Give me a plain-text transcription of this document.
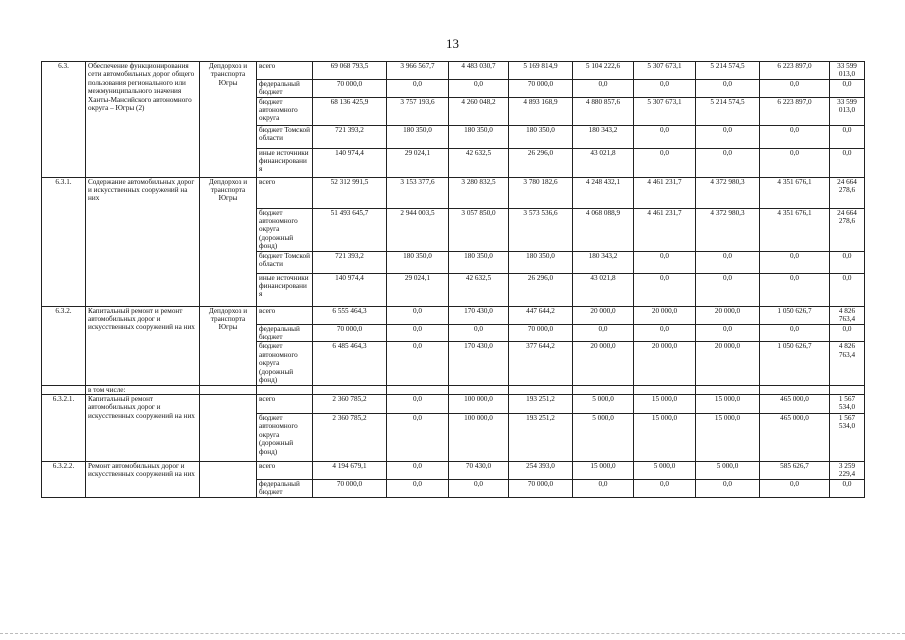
13
6.3.	Обеспечение функционирования сети автомобильных дорог общего пользования регионального или межмуниципального значения Ханты-Мансийского автономного округа – Югры (2)	Депдорхоз и транспорта Югры	всего	69 068 793,5	3 966 567,7	4 483 030,7	5 169 814,9	5 104 222,6	5 307 673,1	5 214 574,5	6 223 897,0	33 599 013,0
			федеральный бюджет	70 000,0	0,0	0,0	70 000,0	0,0	0,0	0,0	0,0	0,0
			бюджет автономного округа	68 136 425,9	3 757 193,6	4 260 048,2	4 893 168,9	4 880 857,6	5 307 673,1	5 214 574,5	6 223 897,0	33 599 013,0
			бюджет Томской области	721 393,2	180 350,0	180 350,0	180 350,0	180 343,2	0,0	0,0	0,0	0,0
			иные источники финансирования	140 974,4	29 024,1	42 632,5	26 296,0	43 021,8	0,0	0,0	0,0	0,0
6.3.1.	Содержание автомобильных дорог и искусственных сооружений на них	Депдорхоз и транспорта Югры	всего	52 312 991,5	3 153 377,6	3 280 832,5	3 780 182,6	4 248 432,1	4 461 231,7	4 372 980,3	4 351 676,1	24 664 278,6
			бюджет автономного округа (дорожный фонд)	51 493 645,7	2 944 003,5	3 057 850,0	3 573 536,6	4 068 088,9	4 461 231,7	4 372 980,3	4 351 676,1	24 664 278,6
			бюджет Томской области	721 393,2	180 350,0	180 350,0	180 350,0	180 343,2	0,0	0,0	0,0	0,0
			иные источники финансирования	140 974,4	29 024,1	42 632,5	26 296,0	43 021,8	0,0	0,0	0,0	0,0
6.3.2.	Капитальный ремонт и ремонт автомобильных дорог и искусственных сооружений на них	Депдорхоз и транспорта Югры	всего	6 555 464,3	0,0	170 430,0	447 644,2	20 000,0	20 000,0	20 000,0	1 050 626,7	4 826 763,4
			федеральный бюджет	70 000,0	0,0	0,0	70 000,0	0,0	0,0	0,0	0,0	0,0
			бюджет автономного округа (дорожный фонд)	6 485 464,3	0,0	170 430,0	377 644,2	20 000,0	20 000,0	20 000,0	1 050 626,7	4 826 763,4
	в том числе:											
6.3.2.1.	Капитальный ремонт автомобильных дорог и искусственных сооружений на них		всего	2 360 785,2	0,0	100 000,0	193 251,2	5 000,0	15 000,0	15 000,0	465 000,0	1 567 534,0
			бюджет автономного округа (дорожный фонд)	2 360 785,2	0,0	100 000,0	193 251,2	5 000,0	15 000,0	15 000,0	465 000,0	1 567 534,0
6.3.2.2.	Ремонт автомобильных дорог и искусственных сооружений на них		всего	4 194 679,1	0,0	70 430,0	254 393,0	15 000,0	5 000,0	5 000,0	585 626,7	3 259 229,4
			федеральный бюджет	70 000,0	0,0	0,0	70 000,0	0,0	0,0	0,0	0,0	0,0
